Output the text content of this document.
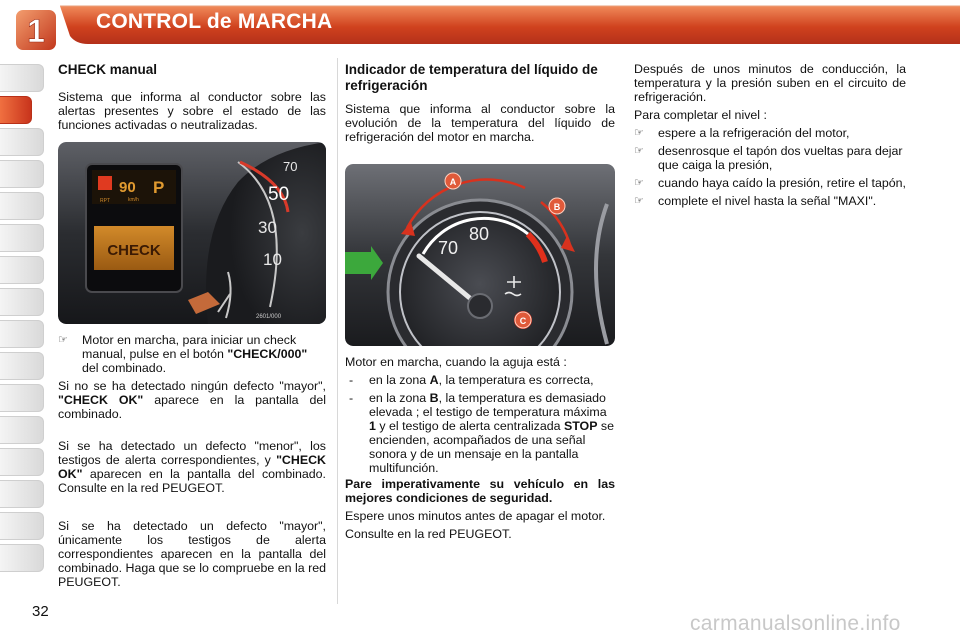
1 CONTROL de MARCHA

CHECK manual

Sistema que informa al conductor sobre las alertas presentes y sobre el estado de las funciones activadas o neutralizadas.

70
50
30
10
RPT
90
km/h
P
CHECK
2601/000
☞ Motor en marcha, para iniciar un check manual, pulse en el botón "CHECK/000" del combinado.

Si no se ha detectado ningún defecto "mayor", "CHECK OK" aparece en la pantalla del combinado.

Si se ha detectado un defecto "menor", los testigos de alerta correspondientes, y "CHECK OK" aparecen en la pantalla del combinado. Consulte en la red PEUGEOT.

Si se ha detectado un defecto "mayor", únicamente los testigos de alerta correspondientes aparecen en la pantalla del combinado. Haga que se lo compruebe en la red PEUGEOT.

Indicador de temperatura del líquido de refrigeración

Sistema que informa al conductor sobre la evolución de la temperatura del líquido de refrigeración del motor en marcha.

70
80
A
B
C

Motor en marcha, cuando la aguja está :

- en la zona A, la temperatura es correcta,
- en la zona B, la temperatura es demasiado elevada ; el testigo de temperatura máxima 1 y el testigo de alerta centralizada STOP se encienden, acompañados de una señal sonora y de un mensaje en la pantalla multifunción.

Pare imperativamente su vehículo en las mejores condiciones de seguridad.

Espere unos minutos antes de apagar el motor.

Consulte en la red PEUGEOT.

Después de unos minutos de conducción, la temperatura y la presión suben en el circuito de refrigeración.

Para completar el nivel :

☞ espere a la refrigeración del motor,
☞ desenrosque el tapón dos vueltas para dejar que caiga la presión,
☞ cuando haya caído la presión, retire el tapón,
☞ complete el nivel hasta la señal "MAXI".
32
carmanualsonline.info
